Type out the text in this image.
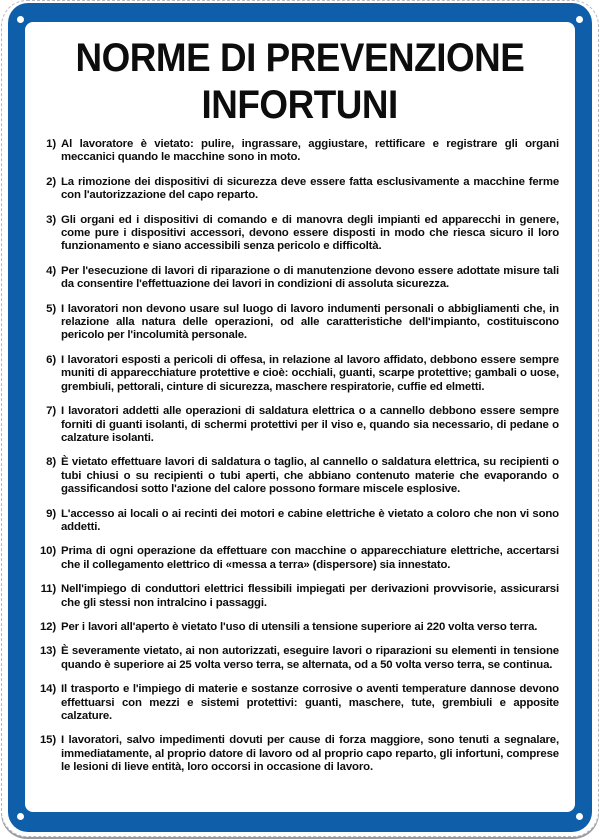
NORME DI PREVENZIONE
INFORTUNI
1) Al lavoratore è vietato: pulire, ingrassare, aggiustare, rettificare e registrare gli organi meccanici quando le macchine sono in moto.
2) La rimozione dei dispositivi di sicurezza deve essere fatta esclusivamente a macchine ferme con l'autorizzazione del capo reparto.
3) Gli organi ed i dispositivi di comando e di manovra degli impianti ed apparecchi in genere, come pure i dispositivi accessori, devono essere disposti in modo che riesca sicuro il loro funzionamento e siano accessibili senza pericolo e difficoltà.
4) Per l'esecuzione di lavori di riparazione o di manutenzione devono essere adottate misure tali da consentire l'effettuazione dei lavori in condizioni di assoluta sicurezza.
5) I lavoratori non devono usare sul luogo di lavoro indumenti personali o abbigliamenti che, in relazione alla natura delle operazioni, od alle caratteristiche dell'impianto, costituiscono pericolo per l'incolumità personale.
6) I lavoratori esposti a pericoli di offesa, in relazione al lavoro affidato, debbono essere sempre muniti di apparecchiature protettive e cioè: occhiali, guanti, scarpe protettive; gambali o uose, grembiuli, pettorali, cinture di sicurezza, maschere respiratorie, cuffie ed elmetti.
7) I lavoratori addetti alle operazioni di saldatura elettrica o a cannello debbono essere sempre forniti di guanti isolanti, di schermi protettivi per il viso e, quando sia necessario, di pedane o calzature isolanti.
8) È vietato effettuare lavori di saldatura o taglio, al cannello o saldatura elettrica, su recipienti o tubi chiusi o su recipienti o tubi aperti, che abbiano contenuto materie che evaporando o gassificandosi sotto l'azione del calore possono formare miscele esplosive.
9) L'accesso ai locali o ai recinti dei motori e cabine elettriche è vietato a coloro che non vi sono addetti.
10) Prima di ogni operazione da effettuare con macchine o apparecchiature elettriche, accertarsi che il collegamento elettrico di «messa a terra» (dispersore) sia innestato.
11) Nell'impiego di conduttori elettrici flessibili impiegati per derivazioni provvisorie, assicurarsi che gli stessi non intralcino i passaggi.
12) Per i lavori all'aperto è vietato l'uso di utensili a tensione superiore ai 220 volta verso terra.
13) È severamente vietato, ai non autorizzati, eseguire lavori o riparazioni su elementi in tensione quando è superiore ai 25 volta verso terra, se alternata, od a 50 volta verso terra, se continua.
14) Il trasporto e l'impiego di materie e sostanze corrosive o aventi temperature dannose devono effettuarsi con mezzi e sistemi protettivi: guanti, maschere, tute, grembiuli e apposite calzature.
15) I lavoratori, salvo impedimenti dovuti per cause di forza maggiore, sono tenuti a segnalare, immediatamente, al proprio datore di lavoro od al proprio capo reparto, gli infortuni, comprese le lesioni di lieve entità, loro occorsi in occasione di lavoro.
